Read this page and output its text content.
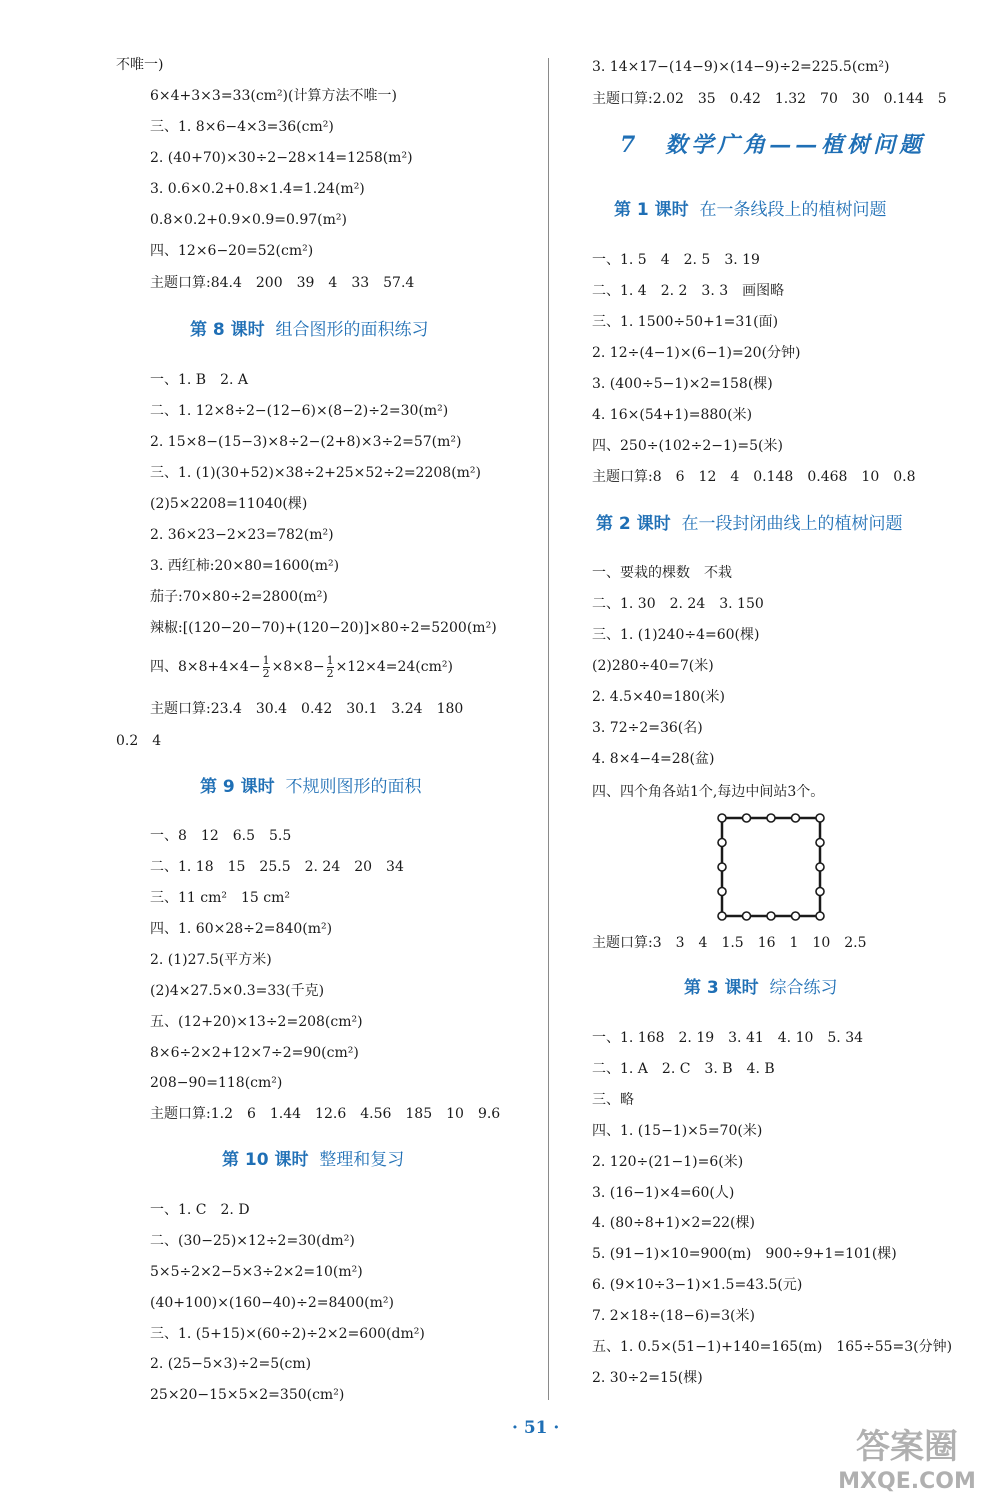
不唯一)
6×4+3×3=33(cm²)(计算方法不唯一)
三、1. 8×6−4×3=36(cm²)
2. (40+70)×30÷2−28×14=1258(m²)
3. 0.6×0.2+0.8×1.4=1.24(m²)
0.8×0.2+0.9×0.9=0.97(m²)
四、12×6−20=52(cm²)
主题口算:84.4　200　39　4　33　57.4
第 8 课时 组合图形的面积练习
一、1. B　2. A
二、1. 12×8÷2−(12−6)×(8−2)÷2=30(m²)
2. 15×8−(15−3)×8÷2−(2+8)×3÷2=57(m²)
三、1. (1)(30+52)×38÷2+25×52÷2=2208(m²)
(2)5×2208=11040(棵)
2. 36×23−2×23=782(m²)
3. 西红柿:20×80=1600(m²)
茄子:70×80÷2=2800(m²)
辣椒:[(120−20−70)+(120−20)]×80÷2=5200(m²)
四、$8\times 8+4\times 4- \frac{1}{2} \times 8\times 8- \frac{1}{2} \times 12\times 4=24(cm^2)$
主题口算:23.4　30.4　0.42　30.1　3.24　180
0.2　4
第 9 课时 不规则图形的面积
一、8　12　6.5　5.5
二、1. 18　15　25.5　2. 24　20　34
三、11 cm²　15 cm²
四、1. 60×28÷2=840(m²)
2. (1)27.5(平方米)
(2)4×27.5×0.3=33(千克)
五、(12+20)×13÷2=208(cm²)
8×6÷2×2+12×7÷2=90(cm²)
208−90=118(cm²)
主题口算:1.2　6　1.44　12.6　4.56　185　10　9.6
第 10 课时 整理和复习
一、1. C　2. D
二、(30−25)×12÷2=30(dm²)
5×5÷2×2−5×3÷2×2=10(m²)
(40+100)×(160−40)÷2=8400(m²)
三、1. (5+15)×(60÷2)÷2×2=600(dm²)
2. (25−5×3)÷2=5(cm)
25×20−15×5×2=350(cm²)
3. 14×17−(14−9)×(14−9)÷2=225.5(cm²)
主题口算:2.02　35　0.42　1.32　70　30　0.144　5
7　数学广角——植树问题
第 1 课时 在一条线段上的植树问题
一、1. 5　4　2. 5　3. 19
二、1. 4　2. 2　3. 3　画图略
三、1. 1500÷50+1=31(面)
2. 12÷(4−1)×(6−1)=20(分钟)
3. (400÷5−1)×2=158(棵)
4. 16×(54+1)=880(米)
四、250÷(102÷2−1)=5(米)
主题口算:8　6　12　4　0.148　0.468　10　0.8
第 2 课时 在一段封闭曲线上的植树问题
一、要栽的棵数　不栽
二、1. 30　2. 24　3. 150
三、1. (1)240÷4=60(棵)
(2)280÷40=7(米)
2. 4.5×40=180(米)
3. 72÷2=36(名)
4. 8×4−4=28(盆)
四、四个角各站1个,每边中间站3个。
主题口算:3　3　4　1.5　16　1　10　2.5
第 3 课时 综合练习
一、1. 168　2. 19　3. 41　4. 10　5. 34
二、1. A　2. C　3. B　4. B
三、略
四、1. (15−1)×5=70(米)
2. 120÷(21−1)=6(米)
3. (16−1)×4=60(人)
4. (80÷8+1)×2=22(棵)
5. (91−1)×10=900(m)　900÷9+1=101(棵)
6. (9×10÷3−1)×1.5=43.5(元)
7. 2×18÷(18−6)=3(米)
五、1. 0.5×(51−1)+140=165(m)　165÷55=3(分钟)
2. 30÷2=15(棵)
· 51 ·	答案圈
MXQE.COM
